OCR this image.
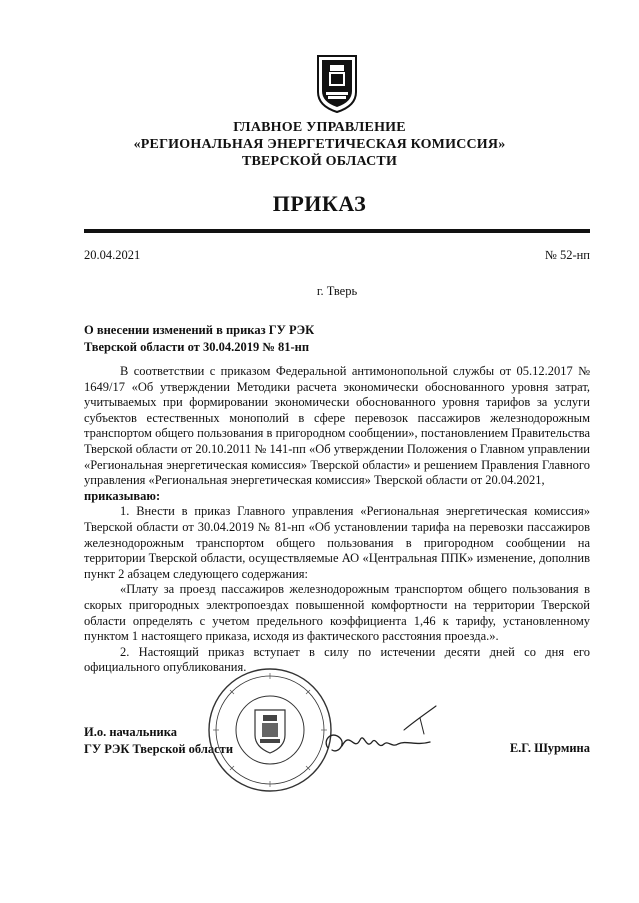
ГЛАВНОЕ УПРАВЛЕНИЕ
«РЕГИОНАЛЬНАЯ ЭНЕРГЕТИЧЕСКАЯ КОМИССИЯ»
ТВЕРСКОЙ ОБЛАСТИ
ПРИКАЗ
20.04.2021	№ 52-нп
г. Тверь
О внесении изменений в приказ ГУ РЭК
Тверской области от 30.04.2019 № 81-нп

В соответствии с приказом Федеральной антимонопольной службы от 05.12.2017 № 1649/17 «Об утверждении Методики расчета экономически обоснованного уровня затрат, учитываемых при формировании экономически обоснованного уровня тарифов за услуги субъектов естественных монополий в сфере перевозок пассажиров железнодорожным транспортом общего пользования в пригородном сообщении», постановлением Правительства Тверской области от 20.10.2011 № 141-пп «Об утверждении Положения о Главном управлении «Региональная энергетическая комиссия» Тверской области» и решением Правления Главного управления «Региональная энергетическая комиссия» Тверской области от 20.04.2021,

приказываю:

1. Внести в приказ Главного управления «Региональная энергетическая комиссия» Тверской области от 30.04.2019 № 81-нп «Об установлении тарифа на перевозки пассажиров железнодорожным транспортом общего пользования в пригородном сообщении на территории Тверской области, осуществляемые АО «Центральная ППК» изменение, дополнив пункт 2 абзацем следующего содержания:

«Плату за проезд пассажиров железнодорожным транспортом общего пользования в скорых пригородных электропоездах повышенной комфортности на территории Тверской области определять с учетом предельного коэффициента 1,46 к тарифу, установленному пунктом 1 настоящего приказа, исходя из фактического расстояния проезда.».

2. Настоящий приказ вступает в силу по истечении десяти дней со дня его официального опубликования.

И.о. начальника
ГУ РЭК Тверской области	Е.Г. Шурмина
